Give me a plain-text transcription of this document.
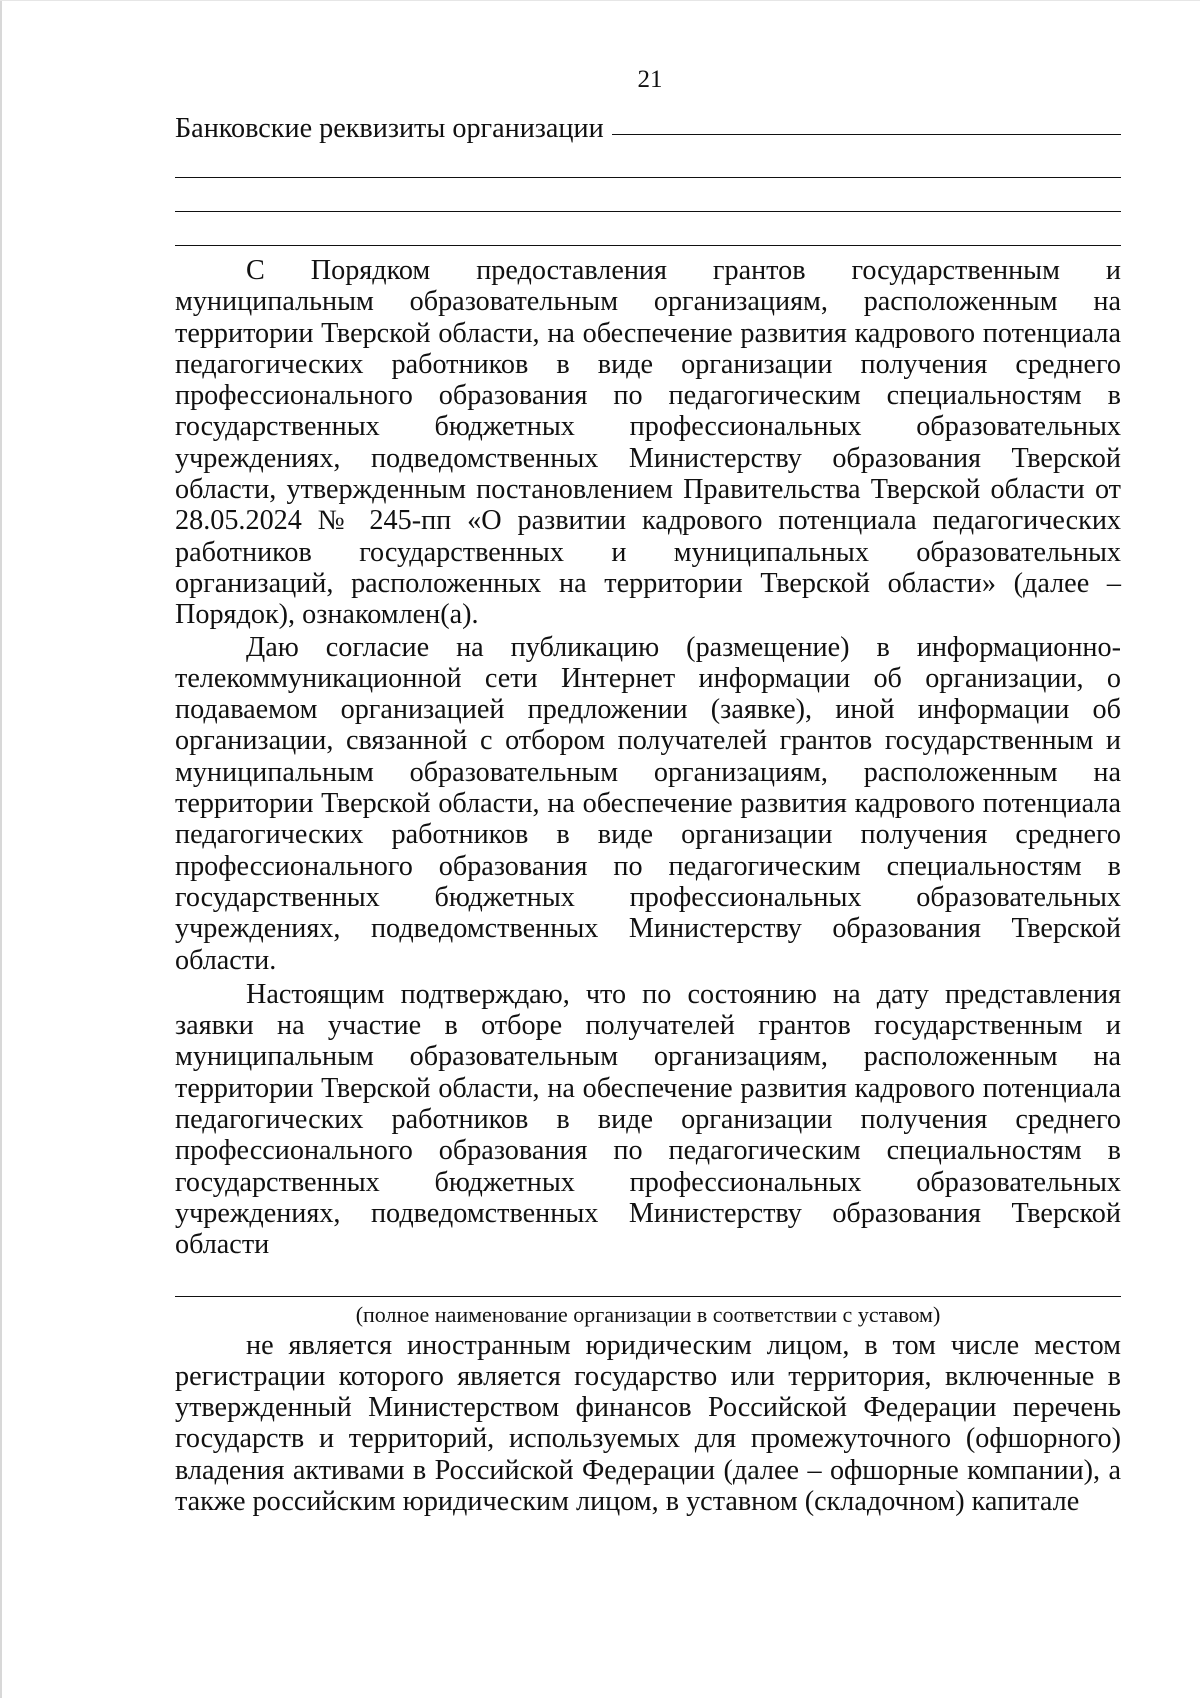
21
Банковские реквизиты организации

С Порядком предоставления грантов государственным и муниципальным образовательным организациям, расположенным на территории Тверской области, на обеспечение развития кадрового потенциала педагогических работников в виде организации получения среднего профессионального образования по педагогическим специальностям в государственных бюджетных профессиональных образовательных учреждениях, подведомственных Министерству образования Тверской области, утвержденным постановлением Правительства Тверской области от 28.05.2024 № 245-пп «О развитии кадрового потенциала педагогических работников государственных и муниципальных образовательных организаций, расположенных на территории Тверской области» (далее – Порядок), ознакомлен(а).

Даю согласие на публикацию (размещение) в информационно-телекоммуникационной сети Интернет информации об организации, о подаваемом организацией предложении (заявке), иной информации об организации, связанной с отбором получателей грантов государственным и муниципальным образовательным организациям, расположенным на территории Тверской области, на обеспечение развития кадрового потенциала педагогических работников в виде организации получения среднего профессионального образования по педагогическим специальностям в государственных бюджетных профессиональных образовательных учреждениях, подведомственных Министерству образования Тверской области.

Настоящим подтверждаю, что по состоянию на дату представления заявки на участие в отборе получателей грантов государственным и муниципальным образовательным организациям, расположенным на территории Тверской области, на обеспечение развития кадрового потенциала педагогических работников в виде организации получения среднего профессионального образования по педагогическим специальностям в государственных бюджетных профессиональных образовательных учреждениях, подведомственных Министерству образования Тверской области

(полное наименование организации в соответствии с уставом)

не является иностранным юридическим лицом, в том числе местом регистрации которого является государство или территория, включенные в утвержденный Министерством финансов Российской Федерации перечень государств и территорий, используемых для промежуточного (офшорного) владения активами в Российской Федерации (далее – офшорные компании), а также российским юридическим лицом, в уставном (складочном) капитале
